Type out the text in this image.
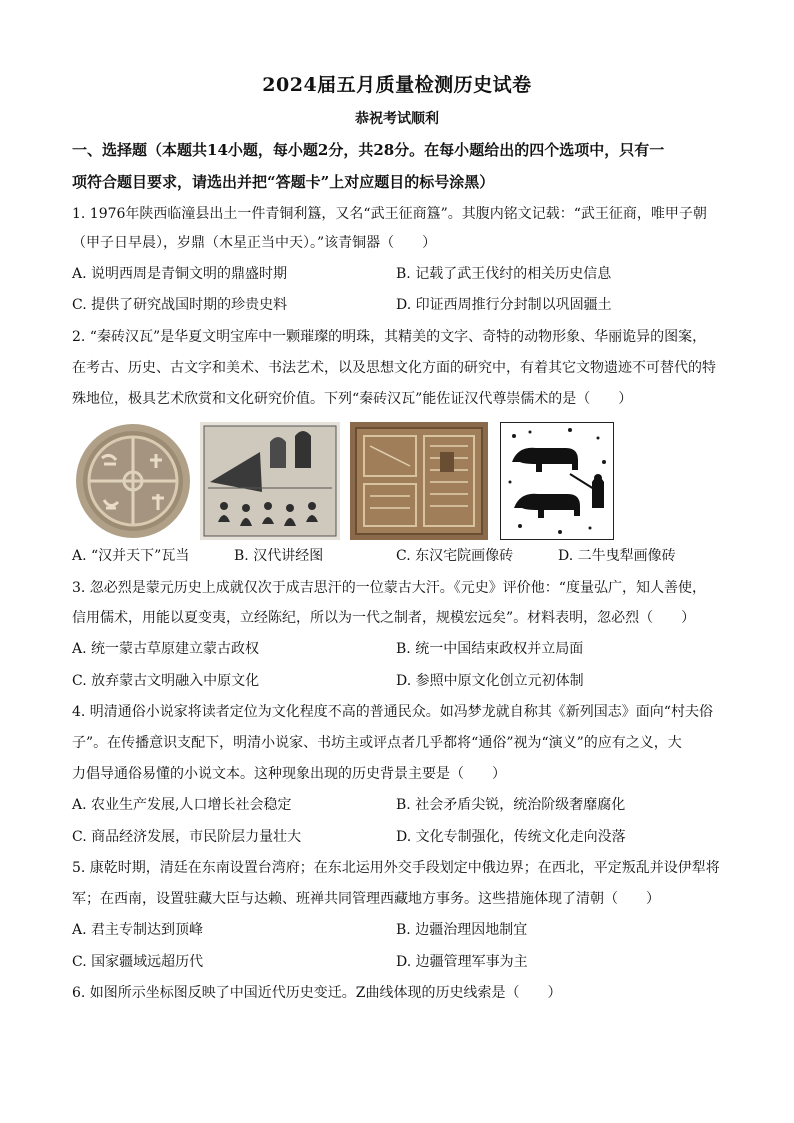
2024届五月质量检测历史试卷
恭祝考试顺利
一、选择题（本题共14小题，每小题2分，共28分。在每小题给出的四个选项中，只有一
项符合题目要求，请选出并把“答题卡”上对应题目的标号涂黑）
1. 1976年陕西临潼县出土一件青铜利簋，又名“武王征商簋”。其腹内铭文记载：“武王征商，唯甲子朝
（甲子日早晨），岁鼎（木星正当中天）。”该青铜器（　　）
A. 说明西周是青铜文明的鼎盛时期	B. 记载了武王伐纣的相关历史信息
C. 提供了研究战国时期的珍贵史料	D. 印证西周推行分封制以巩固疆土
2. “秦砖汉瓦”是华夏文明宝库中一颗璀璨的明珠，其精美的文字、奇特的动物形象、华丽诡异的图案，
在考古、历史、古文字和美术、书法艺术，以及思想文化方面的研究中，有着其它文物遗迹不可替代的特
殊地位，极具艺术欣赏和文化研究价值。下列“秦砖汉瓦”能佐证汉代尊崇儒术的是（　　）
A. “汉并天下”瓦当	B. 汉代讲经图	C. 东汉宅院画像砖	D. 二牛曳犁画像砖
3. 忽必烈是蒙元历史上成就仅次于成吉思汗的一位蒙古大汗。《元史》评价他：“度量弘广，知人善使，
信用儒术，用能以夏变夷，立经陈纪，所以为一代之制者，规模宏远矣”。材料表明，忽必烈（　　）
A. 统一蒙古草原建立蒙古政权	B. 统一中国结束政权并立局面
C. 放弃蒙古文明融入中原文化	D. 参照中原文化创立元初体制
4. 明清通俗小说家将读者定位为文化程度不高的普通民众。如冯梦龙就自称其《新列国志》面向“村夫俗
子”。在传播意识支配下，明清小说家、书坊主或评点者几乎都将“通俗”视为“演义”的应有之义，大
力倡导通俗易懂的小说文本。这种现象出现的历史背景主要是（　　）
A. 农业生产发展,人口增长社会稳定	B. 社会矛盾尖锐，统治阶级奢靡腐化
C. 商品经济发展，市民阶层力量壮大	D. 文化专制强化，传统文化走向没落
5. 康乾时期，清廷在东南设置台湾府；在东北运用外交手段划定中俄边界；在西北，平定叛乱并设伊犁将
军；在西南，设置驻藏大臣与达赖、班禅共同管理西藏地方事务。这些措施体现了清朝（　　）
A. 君主专制达到顶峰	B. 边疆治理因地制宜
C. 国家疆域远超历代	D. 边疆管理军事为主
6. 如图所示坐标图反映了中国近代历史变迁。Z曲线体现的历史线索是（　　）
